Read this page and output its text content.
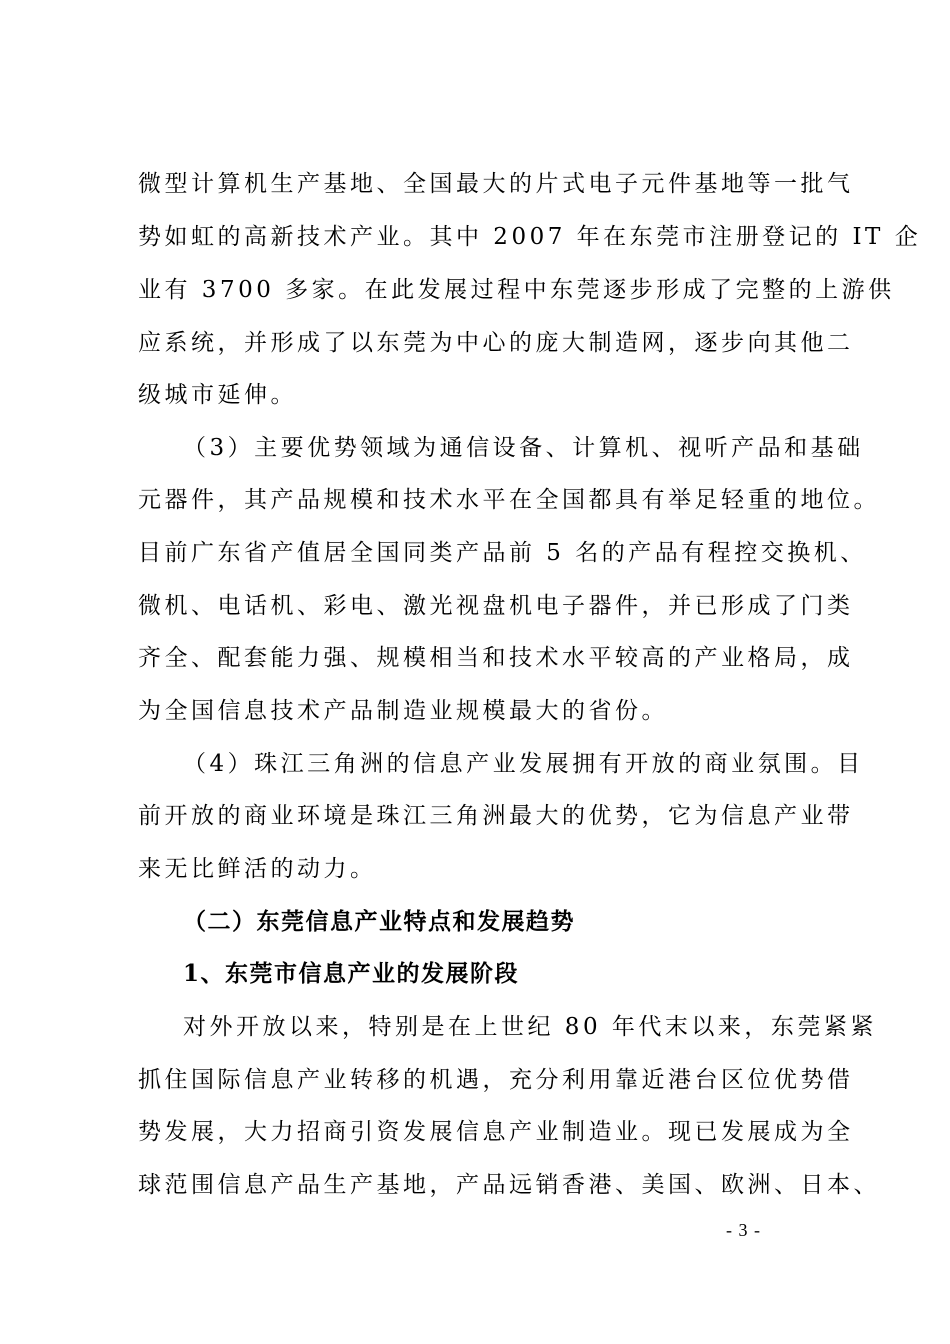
微型计算机生产基地、全国最大的片式电子元件基地等一批气
势如虹的高新技术产业。其中 2007 年在东莞市注册登记的 IT 企
业有 3700 多家。在此发展过程中东莞逐步形成了完整的上游供
应系统，并形成了以东莞为中心的庞大制造网，逐步向其他二
级城市延伸。
（3）主要优势领域为通信设备、计算机、视听产品和基础
元器件，其产品规模和技术水平在全国都具有举足轻重的地位。
目前广东省产值居全国同类产品前 5 名的产品有程控交换机、
微机、电话机、彩电、激光视盘机电子器件，并已形成了门类
齐全、配套能力强、规模相当和技术水平较高的产业格局，成
为全国信息技术产品制造业规模最大的省份。
（4）珠江三角洲的信息产业发展拥有开放的商业氛围。目
前开放的商业环境是珠江三角洲最大的优势，它为信息产业带
来无比鲜活的动力。
（二）东莞信息产业特点和发展趋势
1、东莞市信息产业的发展阶段
对外开放以来，特别是在上世纪 80 年代末以来，东莞紧紧
抓住国际信息产业转移的机遇，充分利用靠近港台区位优势借
势发展，大力招商引资发展信息产业制造业。现已发展成为全
球范围信息产品生产基地，产品远销香港、美国、欧洲、日本、
- 3 -
